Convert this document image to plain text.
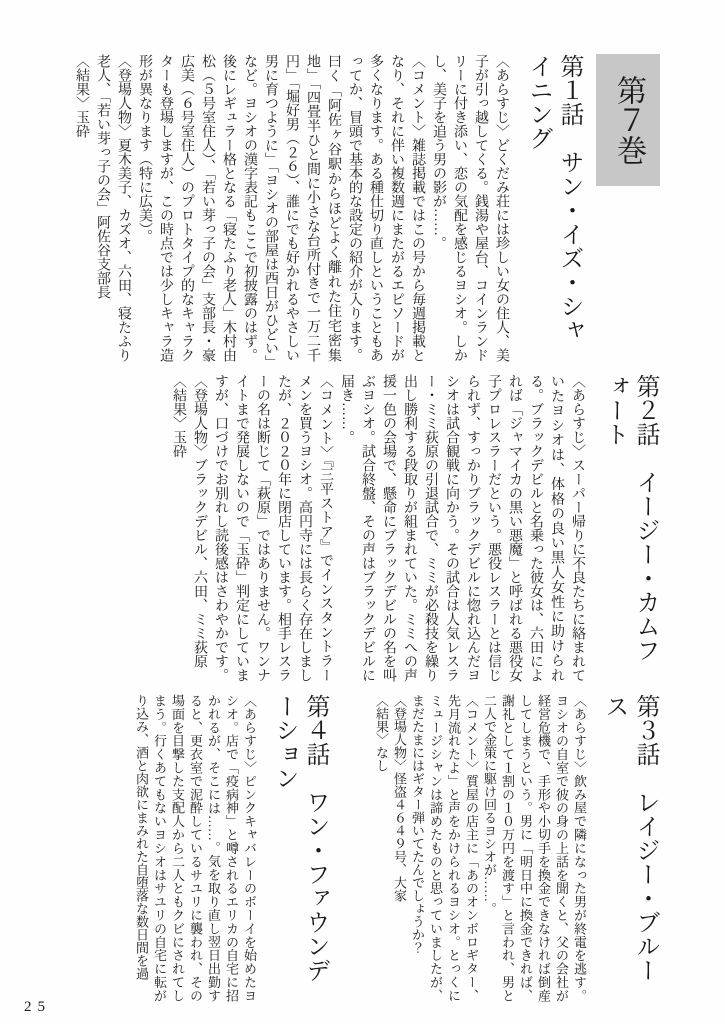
第７巻
第１話　サン・イズ・シャイニング

〈あらすじ〉どくだみ荘には珍しい女の住人、美子が引っ越してくる。銭湯や屋台、コインランドリーに付き添い、恋の気配を感じるヨシオ。しかし、美子を追う男の影が……。

〈コメント〉雑誌掲載ではこの号から毎週掲載となり、それに伴い複数週にまたがるエピソードが多くなります。ある種仕切り直しということもあってか、冒頭で基本的な設定の紹介が入ります。曰く「阿佐ヶ谷駅からほどよく離れた住宅密集地」「四畳半ひと間に小さな台所付きで一万二千円」「堀好男（２６）、誰にでも好かれるやさしい男に育つように」「ヨシオの部屋は西日がひどい」など。ヨシオの漢字表記もここで初披露のはず。後にレギュラー格となる「寝たふり老人」木村由松（５号室住人）、「若い芽っ子の会」支部長・豪広美（６号室住人）のプロトタイプ的なキャラクターも登場しますが、この時点では少しキャラ造形が異なります（特に広美）。

〈登場人物〉夏木美子、カズオ、六田、寝たふり老人、「若い芽っ子の会」阿佐谷支部長

〈結果〉玉砕

第２話　イージー・カムフォート

〈あらすじ〉スーパー帰りに不良たちに絡まれていたヨシオは、体格の良い黒人女性に助けられる。ブラックデビルと名乗った彼女は、六田によれば「ジャマイカの黒い悪魔」と呼ばれる悪役女子プロレスラーだという。悪役レスラーとは信じられず、すっかりブラックデビルに惚れ込んだヨシオは試合観戦に向かう。その試合は人気レスラー・ミミ荻原の引退試合で、ミミが必殺技を繰り出し勝利する段取りが組まれていた。ミミへの声援一色の会場で、懸命にブラックデビルの名を叫ぶヨシオ。試合終盤、その声はブラックデビルに届き……。

〈コメント〉『三平ストア』でインスタントラーメンを買うヨシオ。高円寺には長らく存在しましたが、２０２０年に閉店しています。相手レスラーの名は断じて「萩原」ではありません。ワンナイトまで発展しないので「玉砕」判定にしていますが、口づけでお別れし読後感はさわやかです。

〈登場人物〉ブラックデビル、六田、ミミ荻原

〈結果〉玉砕

第３話　レイジー・ブルース

〈あらすじ〉飲み屋で隣になった男が終電を逃す。ヨシオの自室で彼の身の上話を聞くと、父の会社が経営危機で、手形や小切手を換金できなければ倒産してしまうという。男に「明日中に換金できれば、謝礼として１割の１０万円を渡す」と言われ、男と二人で金策に駆け回るヨシオが……。

〈コメント〉質屋の店主に「あのオンボロギター、先月流れたよ」と声をかけられるヨシオ。とっくにミュージシャンは諦めたものと思っていましたが、まだたまにはギター弾いてたんでしょうか？

〈登場人物〉怪盗４６４９号、大家

〈結果〉なし

第４話　ワン・ファウンデーション

〈あらすじ〉ピンクキャバレーのボーイを始めたヨシオ。店で「疫病神」と噂されるエリカの自宅に招かれるが、そこには……。気を取り直し翌日出勤すると、更衣室で泥酔しているサユリに襲われ、その場面を目撃した支配人から二人ともクビにされてしまう。行くあてもないヨシオはサユリの自宅に転がり込み、酒と肉欲にまみれた自堕落な数日間を過

25
